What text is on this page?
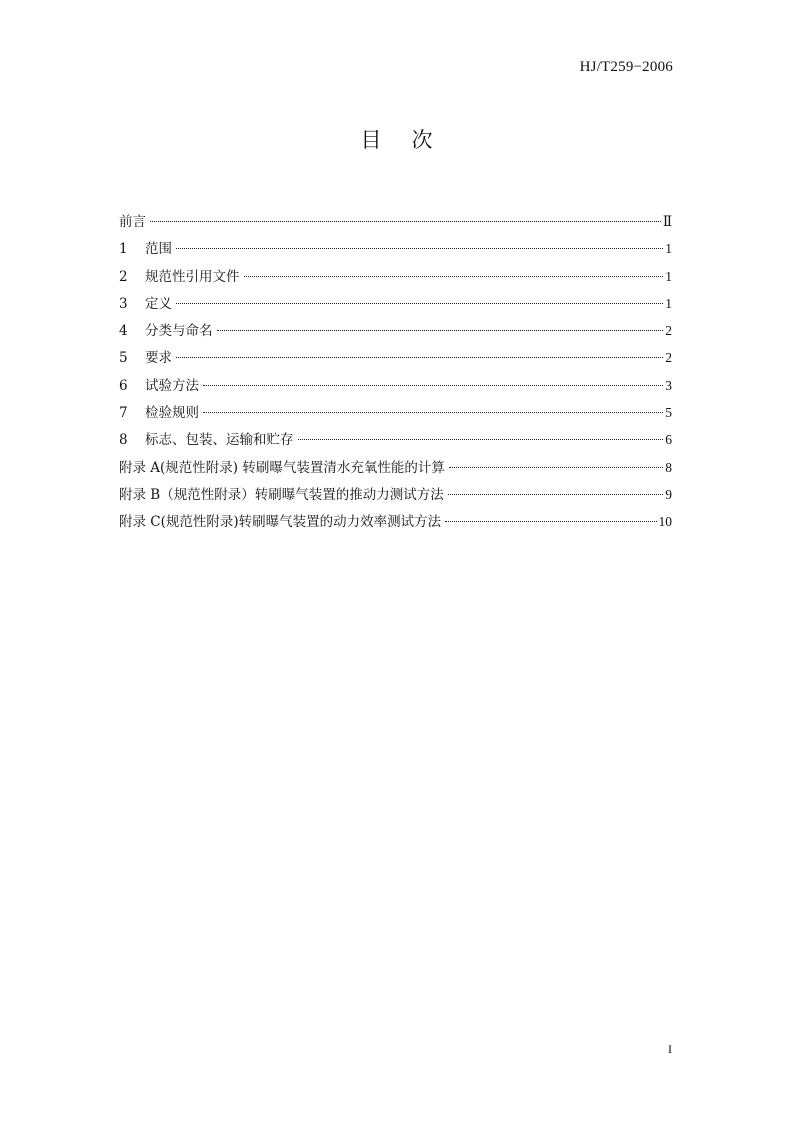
HJ/T259−2006
目次
前言	Ⅱ
1	范围	1
2	规范性引用文件	1
3	定义	1
4	分类与命名	2
5	要求	2
6	试验方法	3
7	检验规则	5
8	标志、包装、运输和贮存	6
附录 A(规范性附录) 转刷曝气装置清水充氧性能的计算	8
附录 B（规范性附录）转刷曝气装置的推动力测试方法	9
附录 C(规范性附录)转刷曝气装置的动力效率测试方法	10
I
